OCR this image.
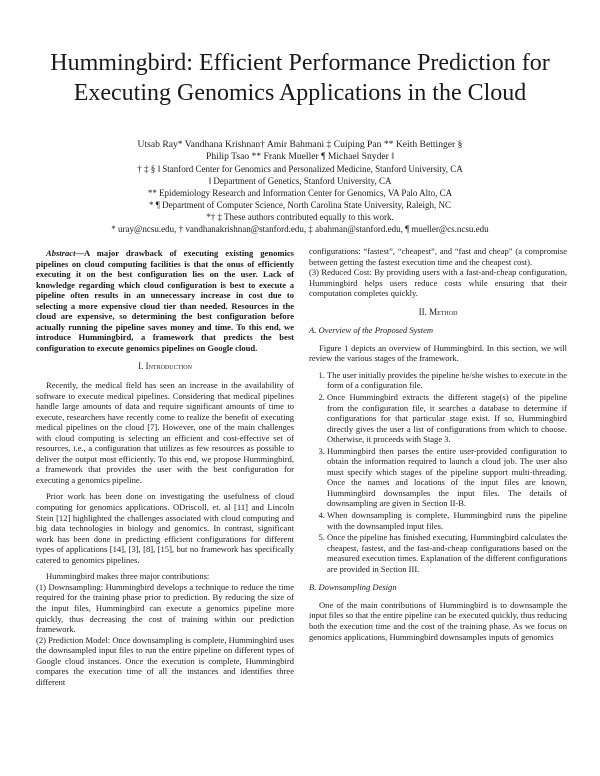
Hummingbird: Efficient Performance Prediction for Executing Genomics Applications in the Cloud
Utsab Ray* Vandhana Krishnan† Amir Bahmani ‡ Cuiping Pan ** Keith Bettinger §
Philip Tsao ** Frank Mueller ¶ Michael Snyder ‖
† ‡ § ‖ Stanford Center for Genomics and Personalized Medicine, Stanford University, CA
‖ Department of Genetics, Stanford University, CA
** Epidemiology Research and Information Center for Genomics, VA Palo Alto, CA
* ¶ Department of Computer Science, North Carolina State University, Raleigh, NC
*† ‡ These authors contributed equally to this work.
* uray@ncsu.edu, † vandhanakrishnan@stanford.edu, ‡ abahman@stanford.edu, ¶ mueller@cs.ncsu.edu

Abstract—A major drawback of executing existing genomics pipelines on cloud computing facilities is that the onus of efficiently executing it on the best configuration lies on the user. Lack of knowledge regarding which cloud configuration is best to execute a pipeline often results in an unnecessary increase in cost due to selecting a more expensive cloud tier than needed. Resources in the cloud are expensive, so determining the best configuration before actually running the pipeline saves money and time. To this end, we introduce Hummingbird, a framework that predicts the best configuration to execute genomics pipelines on Google cloud.

I. Introduction

Recently, the medical field has seen an increase in the availability of software to execute medical pipelines. Considering that medical pipelines handle large amounts of data and require significant amounts of time to execute, researchers have recently come to realize the benefit of executing medical pipelines on the cloud [7]. However, one of the main challenges with cloud computing is selecting an efficient and cost-effective set of resources, i.e., a configuration that utilizes as few resources as possible to deliver the output most efficiently. To this end, we propose Hummingbird, a framework that provides the user with the best configuration for executing a genomics pipeline.

Prior work has been done on investigating the usefulness of cloud computing for genomics applications. ODriscoll, et. al [11] and Lincoln Stein [12] highlighted the challenges associated with cloud computing and big data technologies in biology and genomics. In contrast, significant work has been done in predicting efficient configurations for different types of applications [14], [3], [8], [15], but no framework has specifically catered to genomics pipelines.

Hummingbird makes three major contributions:

(1) Downsampling: Hummingbird develops a technique to reduce the time required for the training phase prior to prediction. By reducing the size of the input files, Hummingbird can execute a genomics pipeline more quickly, thus decreasing the cost of training within our prediction framework.

(2) Prediction Model: Once downsampling is complete, Hummingbird uses the downsampled input files to run the entire pipeline on different types of Google cloud instances. Once the execution is complete, Hummingbird compares the execution time of all the instances and identifies three different

configurations: “fastest”, “cheapest”, and “fast and cheap” (a compromise between getting the fastest execution time and the cheapest cost).

(3) Reduced Cost: By providing users with a fast-and-cheap configuration, Hummingbird helps users reduce costs while ensuring that their computation completes quickly.

II. Method
A. Overview of the Proposed System

Figure 1 depicts an overview of Hummingbird. In this section, we will review the various stages of the framework.

1. The user initially provides the pipeline he/she wishes to execute in the form of a configuration file.
2. Once Hummingbird extracts the different stage(s) of the pipeline from the configuration file, it searches a database to determine if configurations for that particular stage exist. If so, Hummingbird directly gives the user a list of configurations from which to choose. Otherwise, it proceeds with Stage 3.
3. Hummingbird then parses the entire user-provided configuration to obtain the information required to launch a cloud job. The user also must specify which stages of the pipeline support multi-threading. Once the names and locations of the input files are known, Hummingbird downsamples the input files. The details of downsampling are given in Section II-B.
4. When downsampling is complete, Hummingbird runs the pipeline with the downsampled input files.
5. Once the pipeline has finished executing, Hummingbird calculates the cheapest, fastest, and the fast-and-cheap configurations based on the measured execution times. Explanation of the different configurations are provided in Section III.
B. Downsampling Design

One of the main contributions of Hummingbird is to downsample the input files so that the entire pipeline can be executed quickly, thus reducing both the execution time and the cost of the training phase. As we focus on genomics applications, Hummingbird downsamples inputs of genomics
